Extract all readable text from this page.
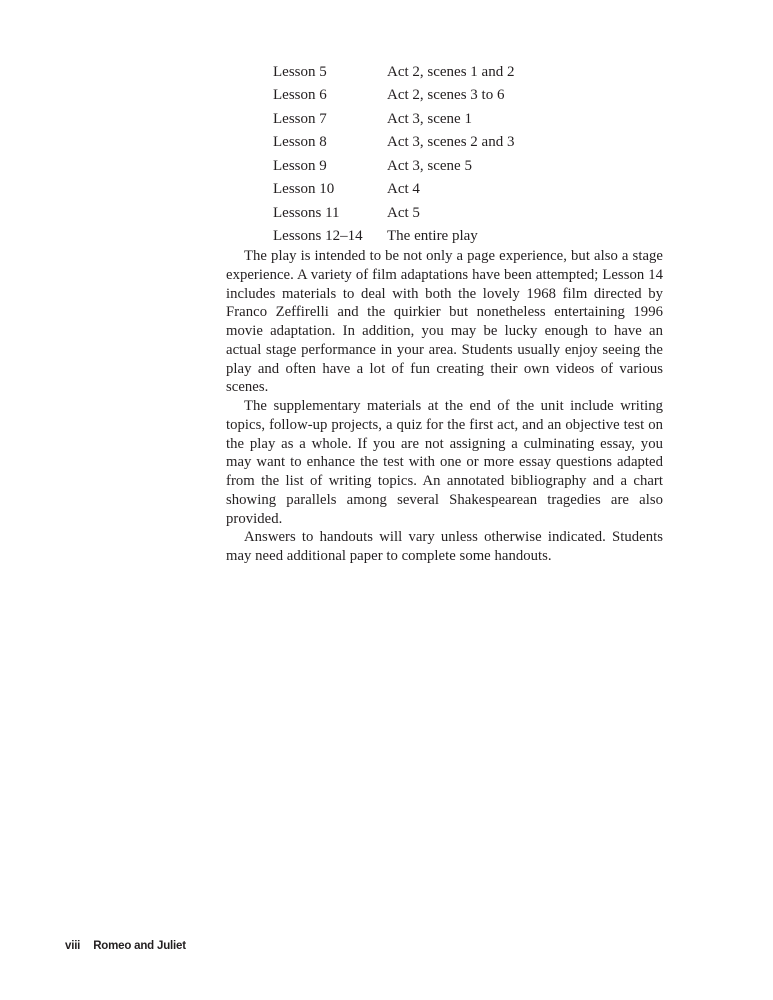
Lesson 5	Act 2, scenes 1 and 2
Lesson 6	Act 2, scenes 3 to 6
Lesson 7	Act 3, scene 1
Lesson 8	Act 3, scenes 2 and 3
Lesson 9	Act 3, scene 5
Lesson 10	Act 4
Lessons 11	Act 5
Lessons 12–14	The entire play

The play is intended to be not only a page experience, but also a stage experience. A variety of film adaptations have been attempted; Lesson 14 includes materials to deal with both the lovely 1968 film directed by Franco Zeffirelli and the quirkier but nonetheless entertaining 1996 movie adaptation. In addition, you may be lucky enough to have an actual stage performance in your area. Students usually enjoy seeing the play and often have a lot of fun creating their own videos of various scenes.

The supplementary materials at the end of the unit include writing topics, follow-up projects, a quiz for the first act, and an objective test on the play as a whole. If you are not assigning a culminating essay, you may want to enhance the test with one or more essay questions adapted from the list of writing topics. An annotated bibliography and a chart showing parallels among several Shakespearean tragedies are also provided.

Answers to handouts will vary unless otherwise indicated. Students may need additional paper to complete some handouts.

viii Romeo and Juliet
